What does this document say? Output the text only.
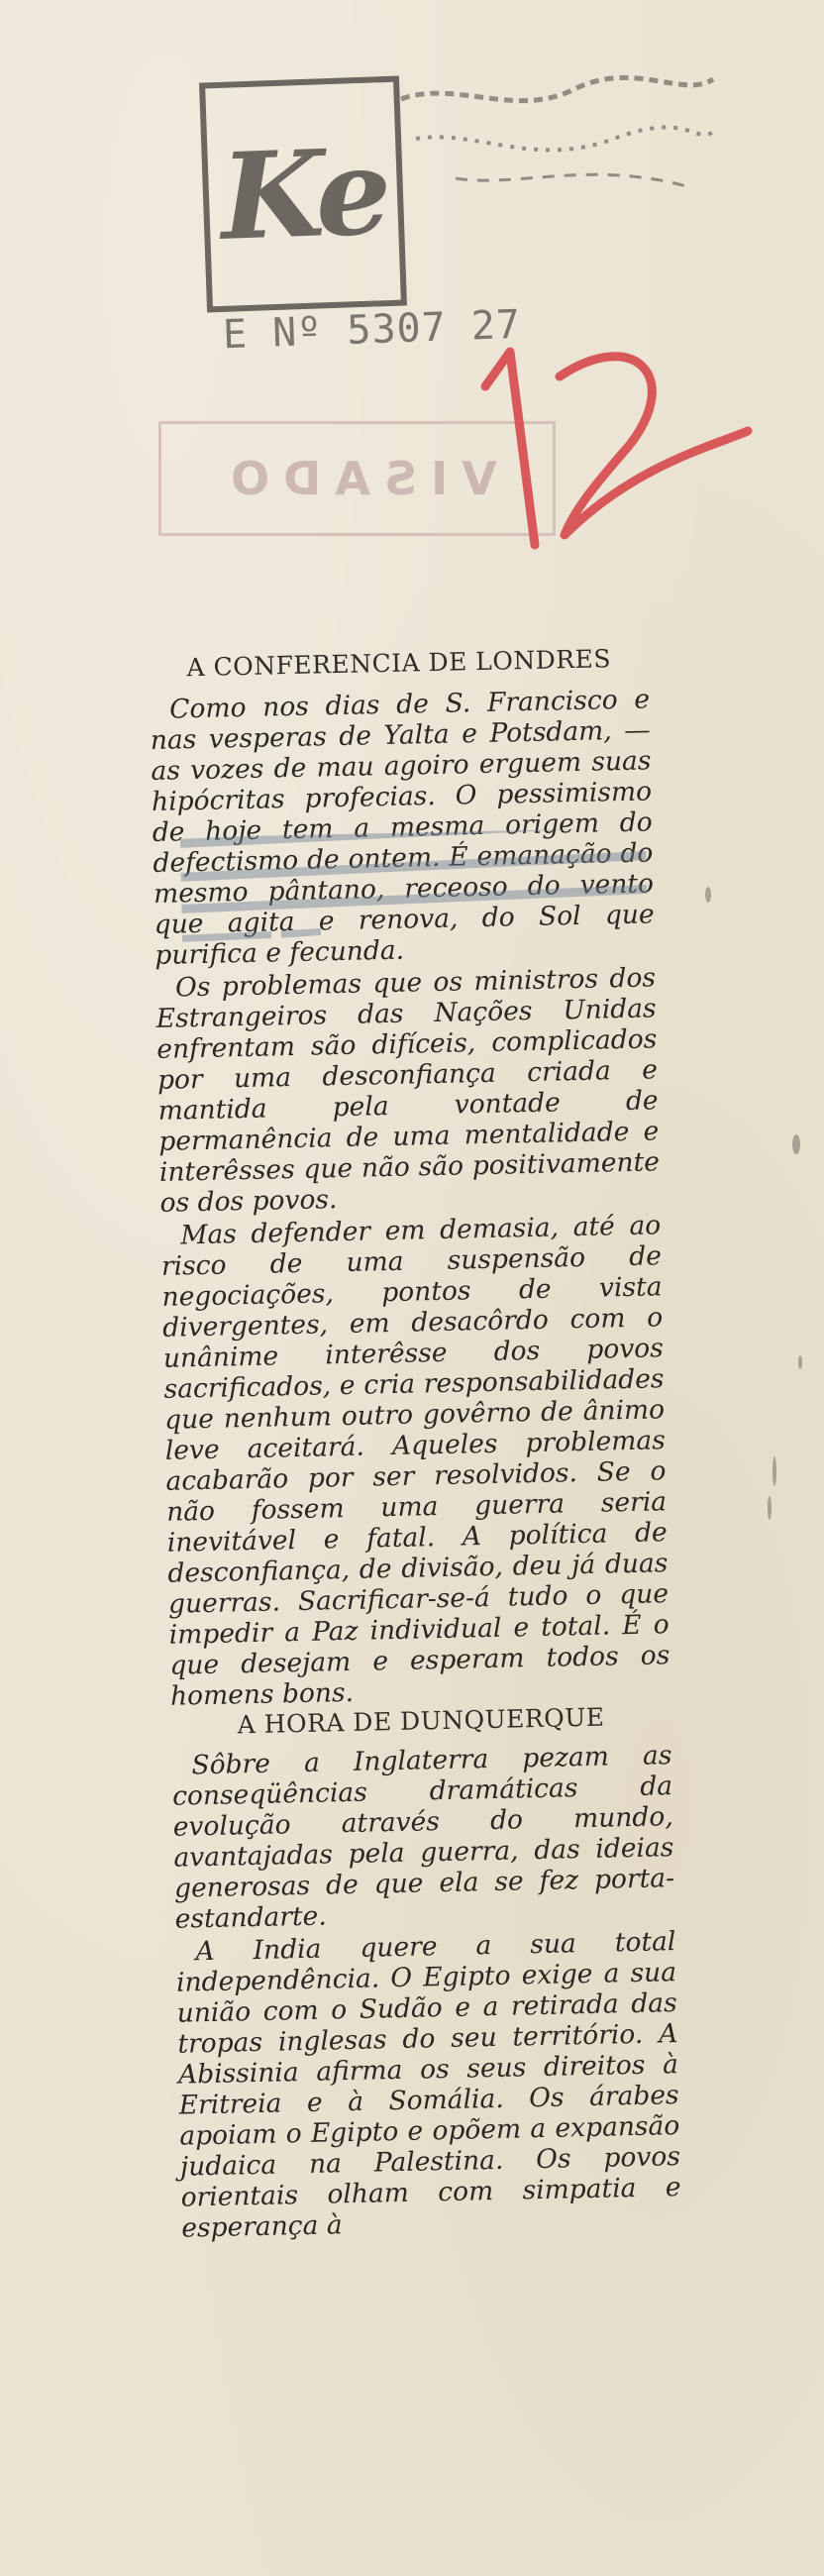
Ke
E Nº 5307 27
VISADO
A CONFERENCIA DE LONDRES

Como nos dias de S. Francisco e nas vesperas de Yalta e Potsdam, — as vozes de mau agoiro erguem suas hipócritas profecias. O pessimismo de hoje tem a mesma origem do defectismo de ontem. É emanação do mesmo pântano, receoso do vento que agita e renova, do Sol que purifica e fecunda.

Os problemas que os ministros dos Estrangeiros das Nações Unidas enfrentam são difíceis, complicados por uma desconfiança criada e mantida pela vontade de permanência de uma mentalidade e interêsses que não são positivamente os dos povos.

Mas defender em demasia, até ao risco de uma suspensão de negociações, pontos de vista divergentes, em desacôrdo com o unânime interêsse dos povos sacrificados, e cria responsabilidades que nenhum outro govêrno de ânimo leve aceitará. Aqueles problemas acabarão por ser resolvidos. Se o não fossem uma guerra seria inevitável e fatal. A política de desconfiança, de divisão, deu já duas guerras. Sacrificar-se-á tudo o que impedir a Paz individual e total. É o que desejam e esperam todos os homens bons.

A HORA DE DUNQUERQUE

Sôbre a Inglaterra pezam as conseqüências dramáticas da evolução através do mundo, avantajadas pela guerra, das ideias generosas de que ela se fez porta-estandarte.

A India quere a sua total independência. O Egipto exige a sua união com o Sudão e a retirada das tropas inglesas do seu território. A Abissinia afirma os seus direitos à Eritreia e à Somália. Os árabes apoiam o Egipto e opõem a expansão judaica na Palestina. Os povos orientais olham com simpatia e esperança à
